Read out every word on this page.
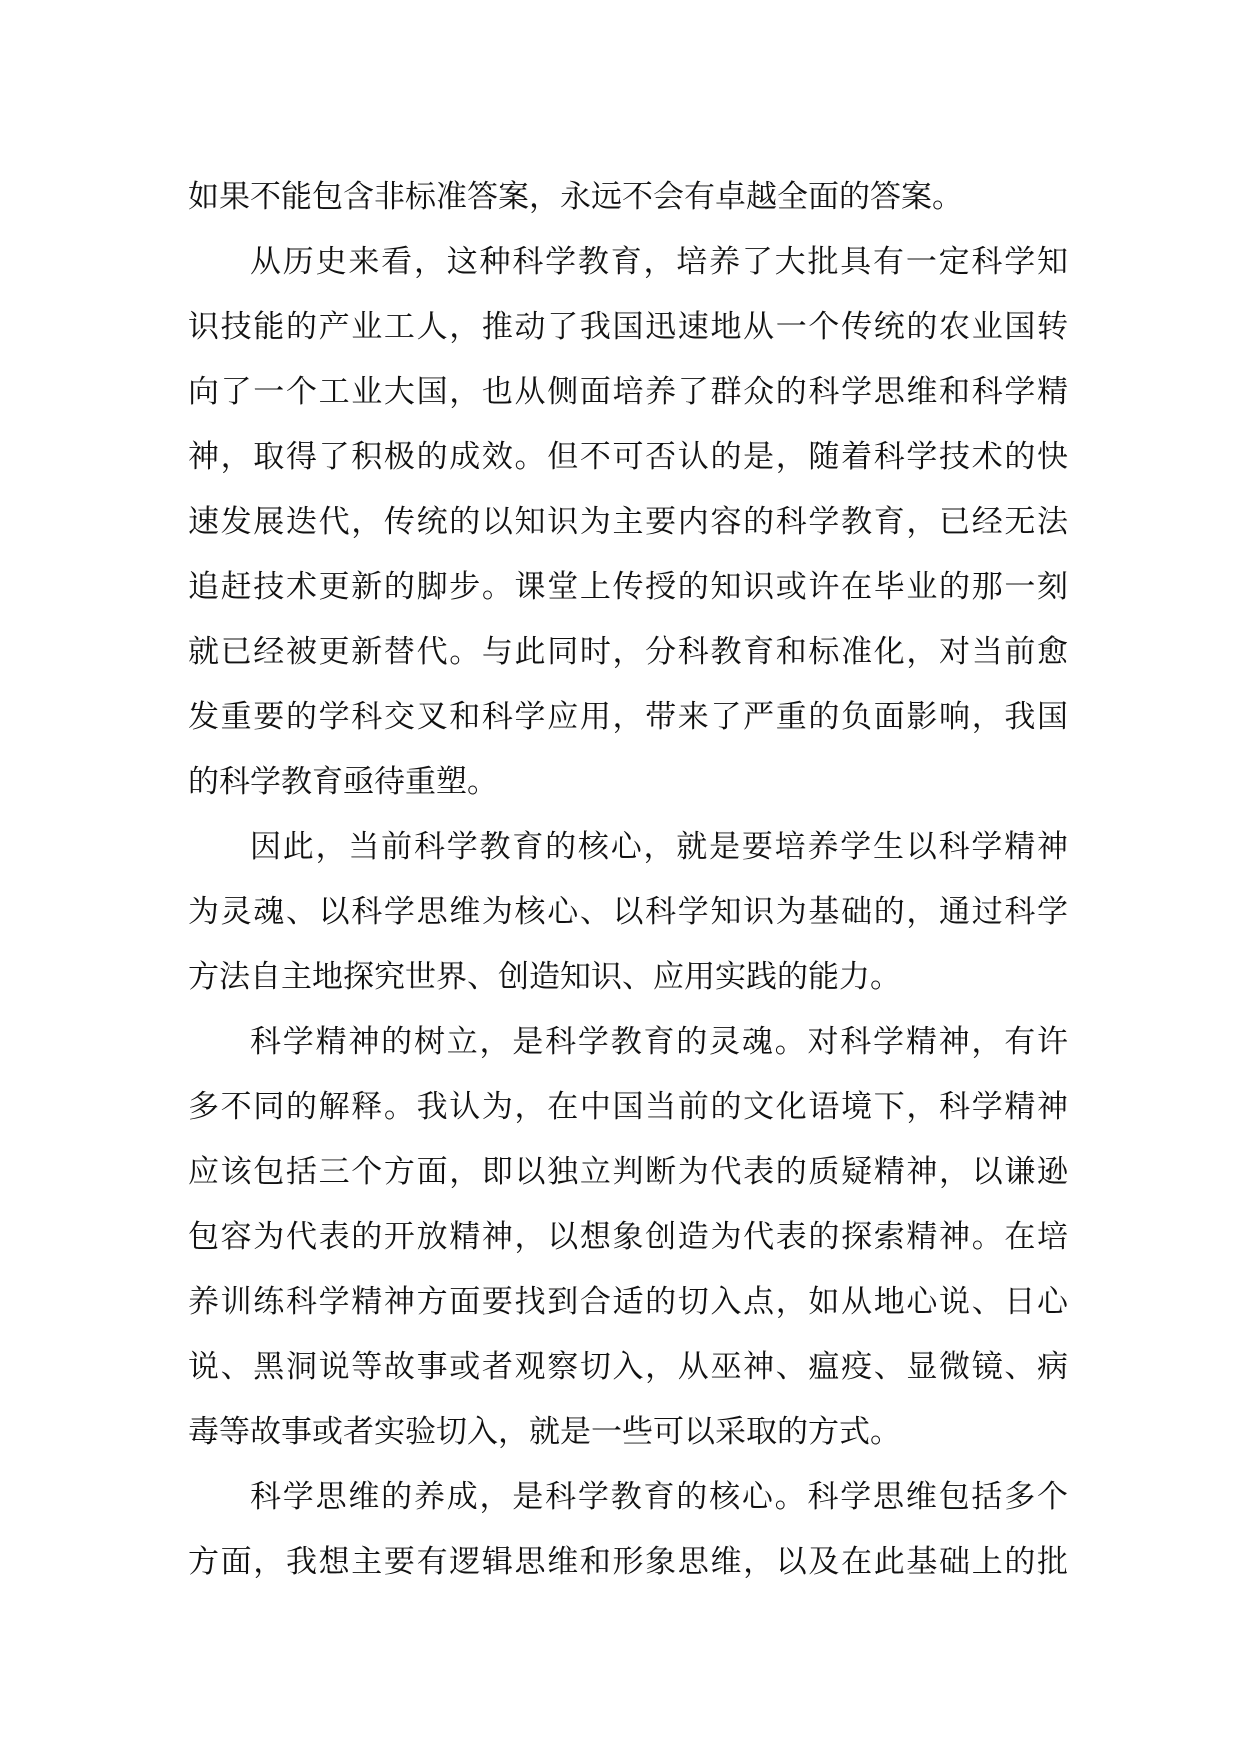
如果不能包含非标准答案，永远不会有卓越全面的答案。
从历史来看，这种科学教育，培养了大批具有一定科学知
识技能的产业工人，推动了我国迅速地从一个传统的农业国转
向了一个工业大国，也从侧面培养了群众的科学思维和科学精
神，取得了积极的成效。但不可否认的是，随着科学技术的快
速发展迭代，传统的以知识为主要内容的科学教育，已经无法
追赶技术更新的脚步。课堂上传授的知识或许在毕业的那一刻
就已经被更新替代。与此同时，分科教育和标准化，对当前愈
发重要的学科交叉和科学应用，带来了严重的负面影响，我国
的科学教育亟待重塑。
因此，当前科学教育的核心，就是要培养学生以科学精神
为灵魂、以科学思维为核心、以科学知识为基础的，通过科学
方法自主地探究世界、创造知识、应用实践的能力。
科学精神的树立，是科学教育的灵魂。对科学精神，有许
多不同的解释。我认为，在中国当前的文化语境下，科学精神
应该包括三个方面，即以独立判断为代表的质疑精神，以谦逊
包容为代表的开放精神，以想象创造为代表的探索精神。在培
养训练科学精神方面要找到合适的切入点，如从地心说、日心
说、黑洞说等故事或者观察切入，从巫神、瘟疫、显微镜、病
毒等故事或者实验切入，就是一些可以采取的方式。
科学思维的养成，是科学教育的核心。科学思维包括多个
方面，我想主要有逻辑思维和形象思维，以及在此基础上的批
